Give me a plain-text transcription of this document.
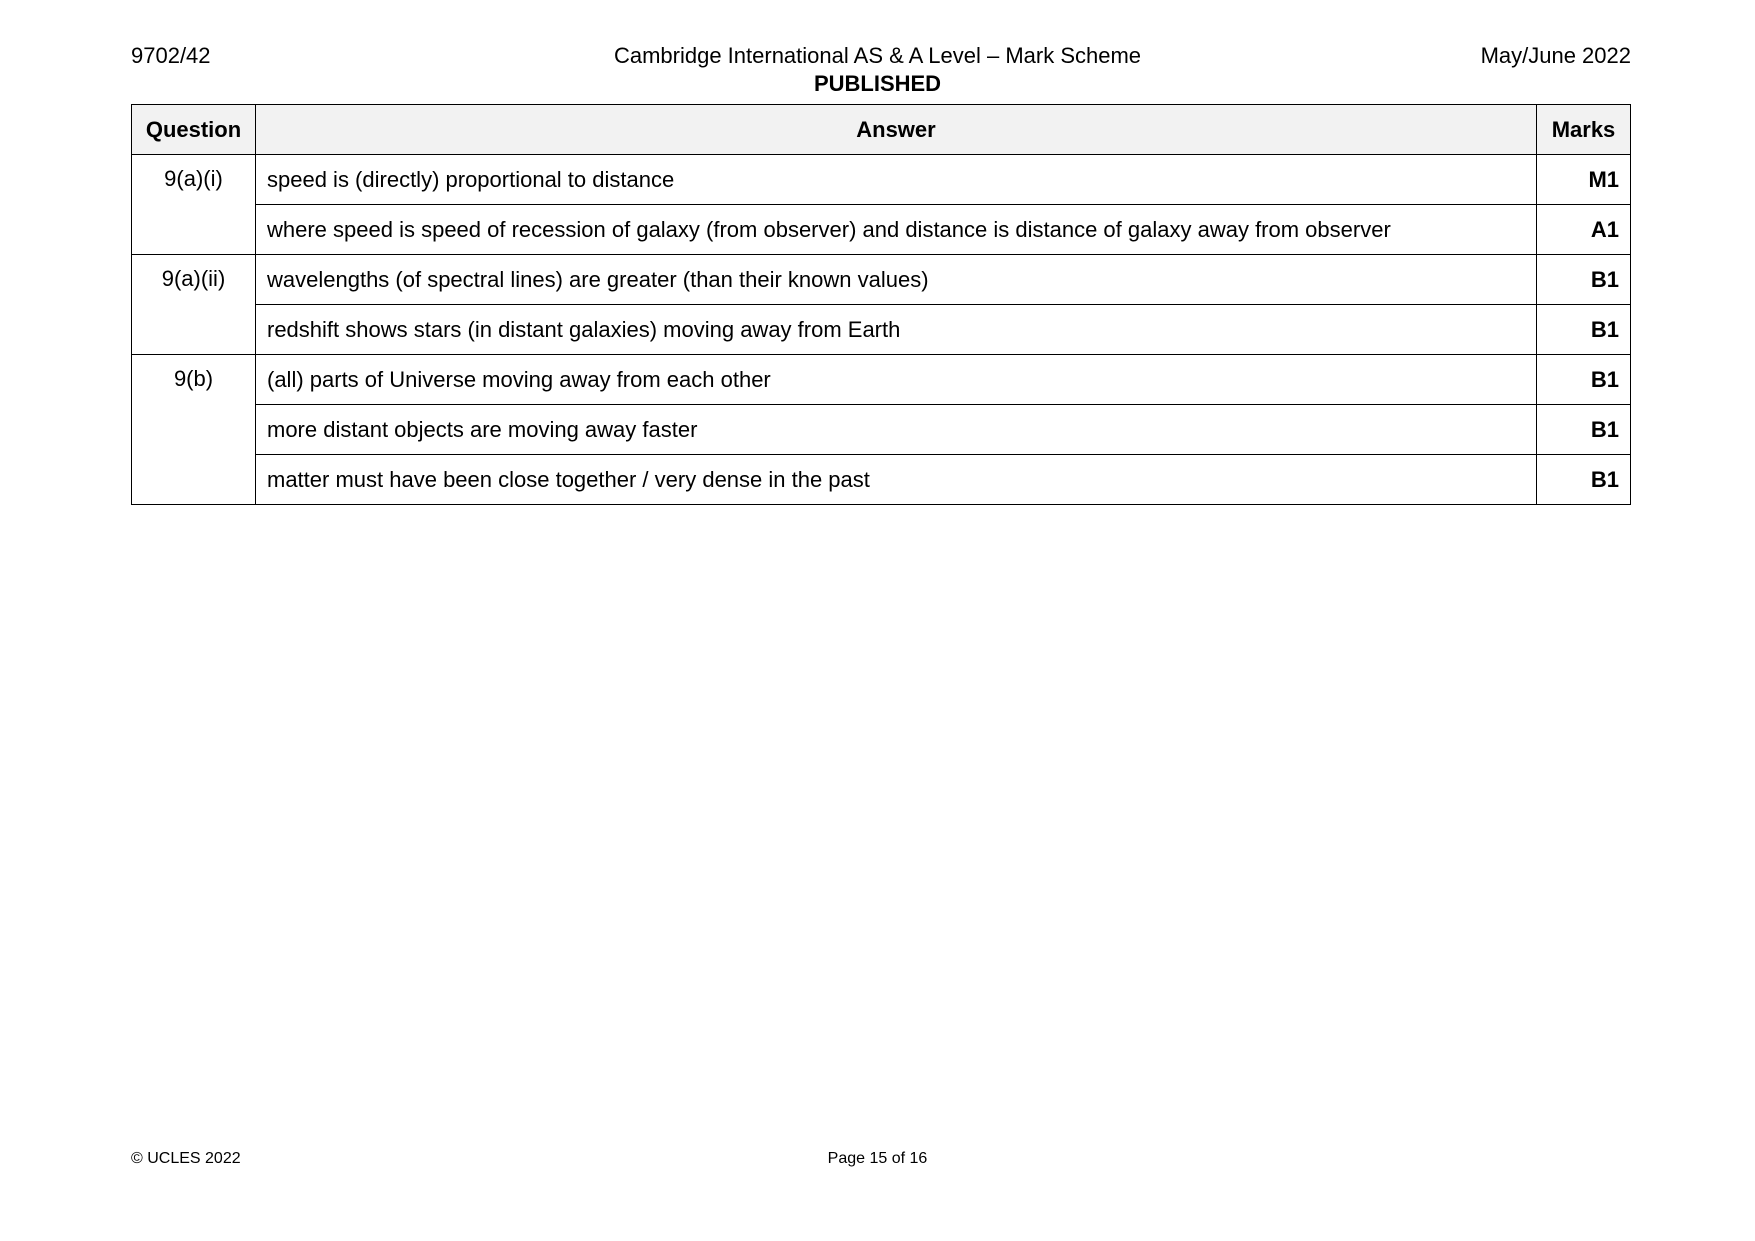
9702/42	Cambridge International AS & A Level – Mark Scheme	May/June 2022
PUBLISHED
Question	Answer	Marks
9(a)(i)	speed is (directly) proportional to distance	M1
	where speed is speed of recession of galaxy (from observer) and distance is distance of galaxy away from observer	A1
9(a)(ii)	wavelengths (of spectral lines) are greater (than their known values)	B1
	redshift shows stars (in distant galaxies) moving away from Earth	B1
9(b)	(all) parts of Universe moving away from each other	B1
	more distant objects are moving away faster	B1
	matter must have been close together / very dense in the past	B1
© UCLES 2022	Page 15 of 16
